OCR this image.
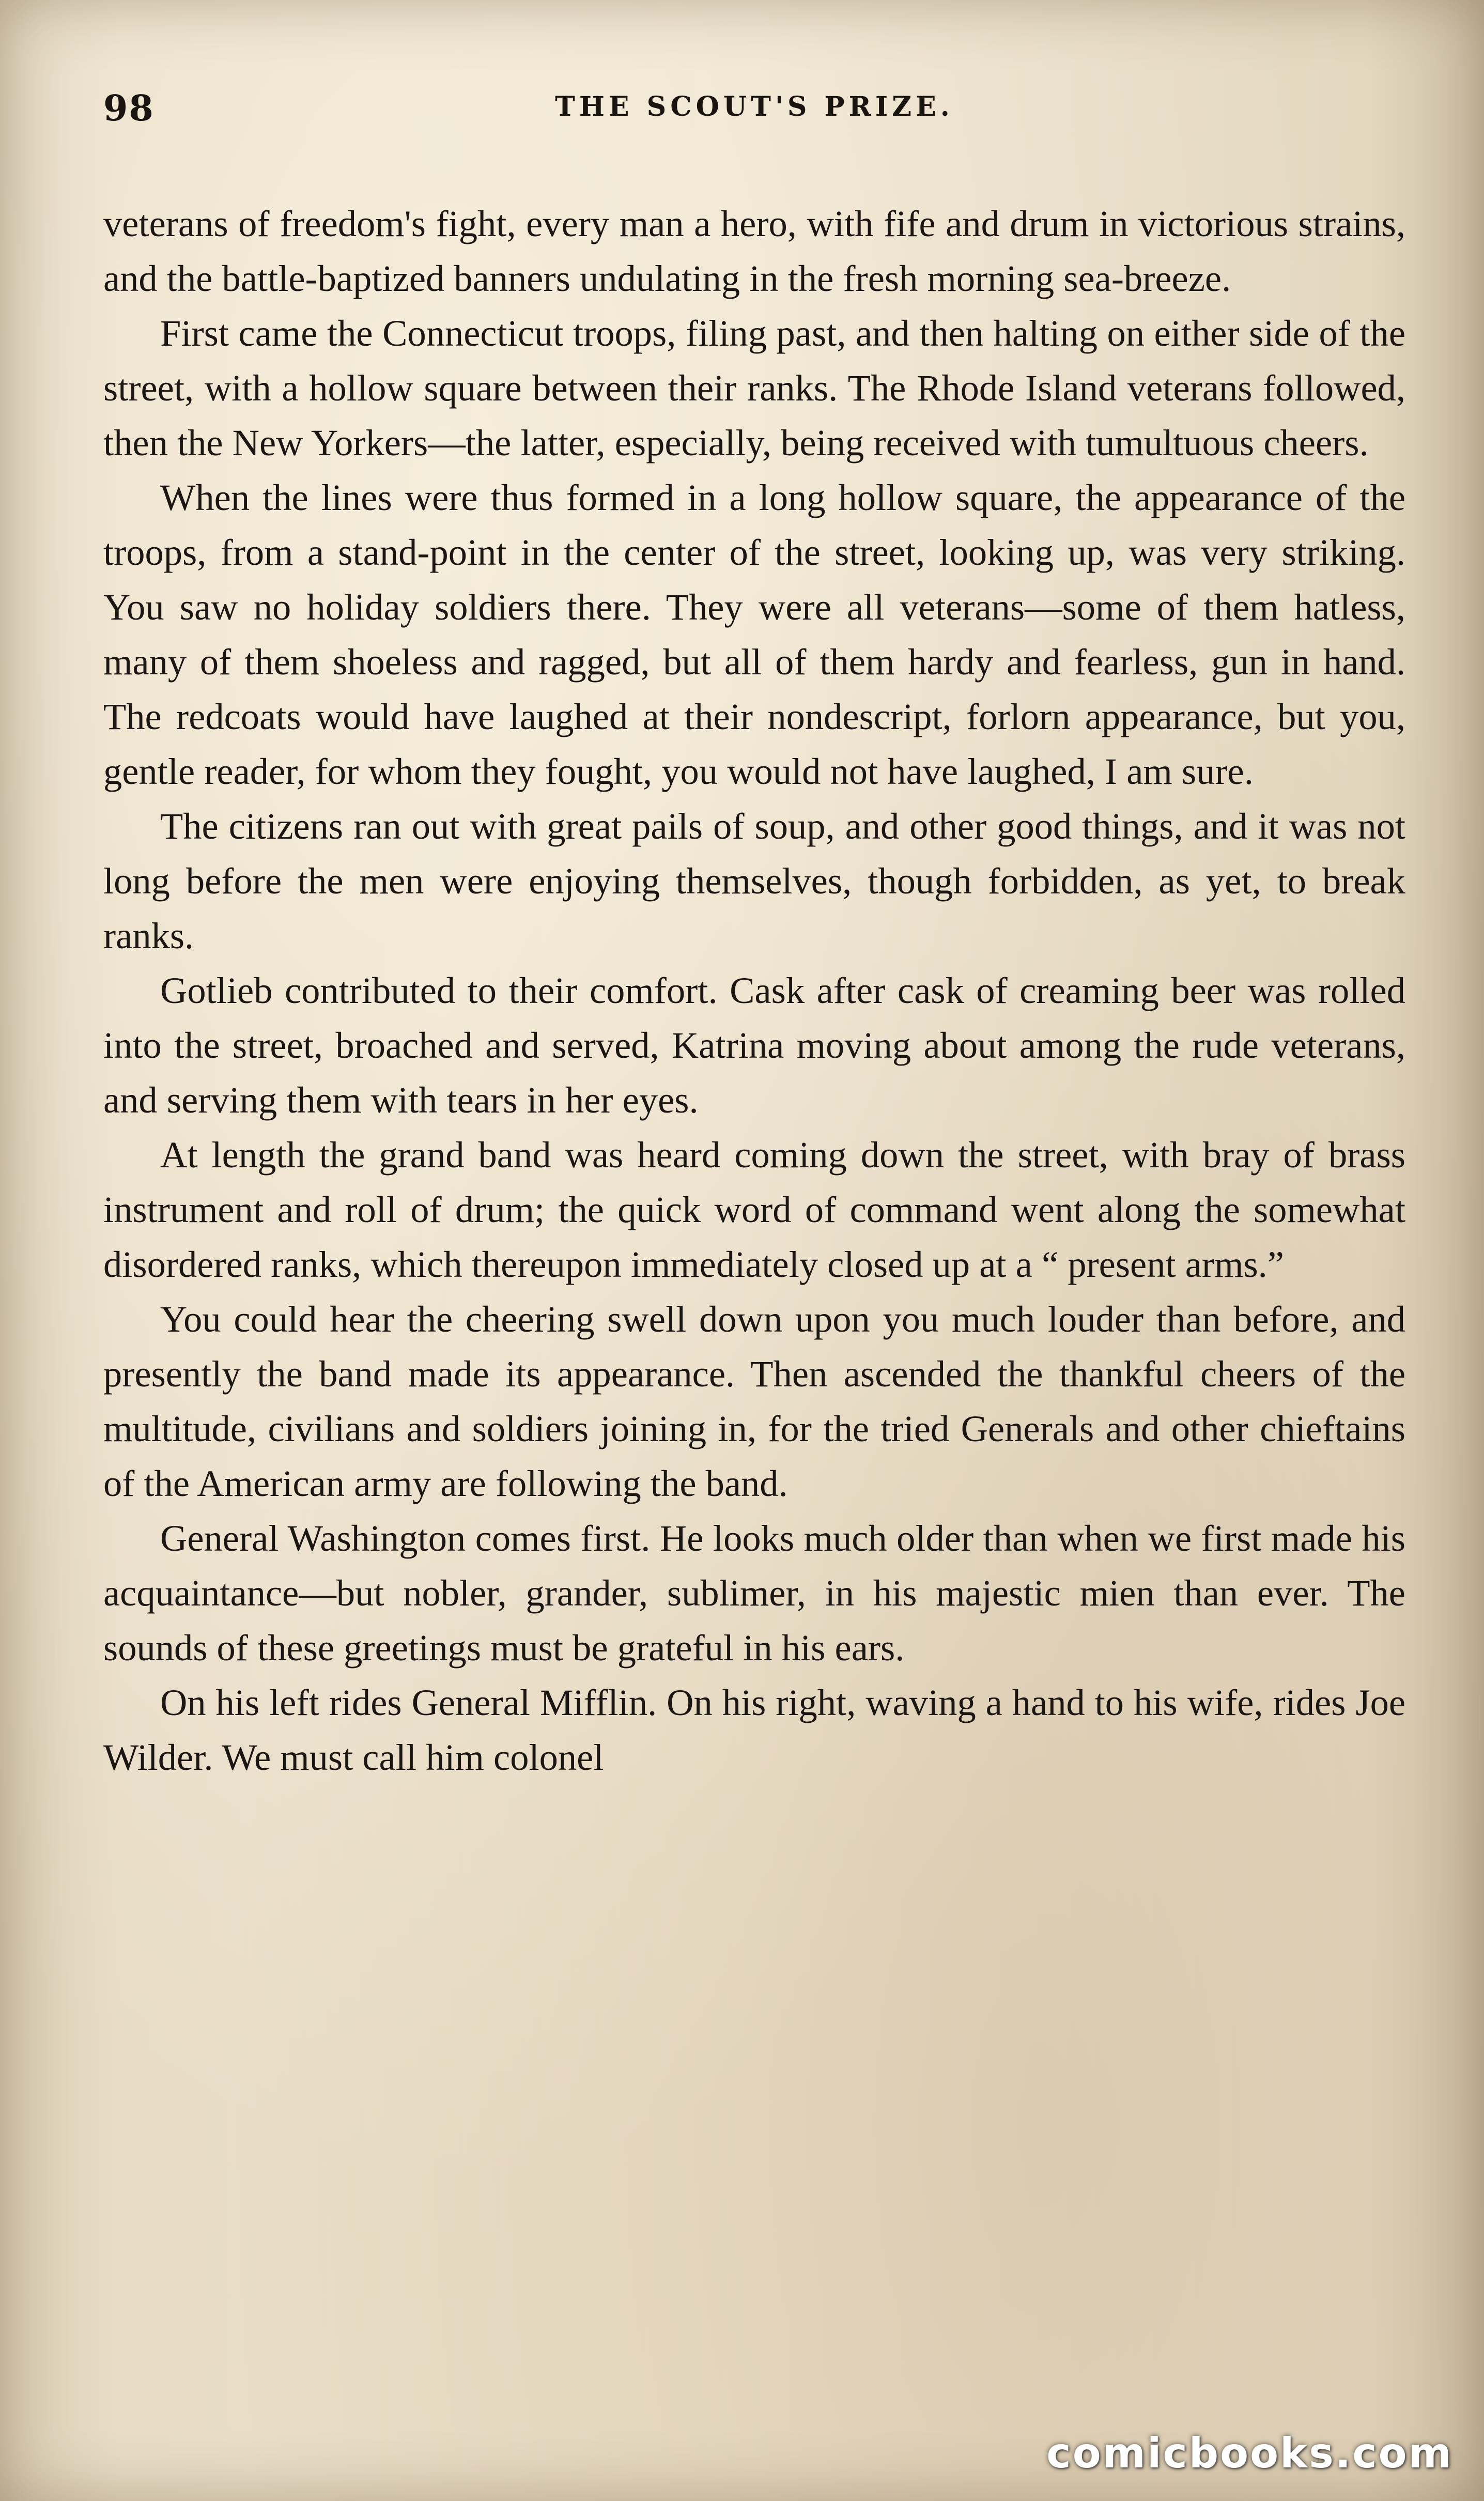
98	THE SCOUT'S PRIZE.

veterans of freedom's fight, every man a hero, with fife and drum in victorious strains, and the battle-baptized banners undulating in the fresh morning sea-breeze.

First came the Connecticut troops, filing past, and then halting on either side of the street, with a hollow square between their ranks. The Rhode Island veterans followed, then the New Yorkers—the latter, especially, being received with tumultuous cheers.

When the lines were thus formed in a long hollow square, the appearance of the troops, from a stand-point in the center of the street, looking up, was very striking. You saw no holiday soldiers there. They were all veterans—some of them hatless, many of them shoeless and ragged, but all of them hardy and fearless, gun in hand. The redcoats would have laughed at their nondescript, forlorn appearance, but you, gentle reader, for whom they fought, you would not have laughed, I am sure.

The citizens ran out with great pails of soup, and other good things, and it was not long before the men were enjoying themselves, though forbidden, as yet, to break ranks.

Gotlieb contributed to their comfort. Cask after cask of creaming beer was rolled into the street, broached and served, Katrina moving about among the rude veterans, and serving them with tears in her eyes.

At length the grand band was heard coming down the street, with bray of brass instrument and roll of drum; the quick word of command went along the somewhat disordered ranks, which thereupon immediately closed up at a “ present arms.”

You could hear the cheering swell down upon you much louder than before, and presently the band made its appearance. Then ascended the thankful cheers of the multitude, civilians and soldiers joining in, for the tried Generals and other chieftains of the American army are following the band.

General Washington comes first. He looks much older than when we first made his acquaintance—but nobler, grander, sublimer, in his majestic mien than ever. The sounds of these greetings must be grateful in his ears.

On his left rides General Mifflin. On his right, waving a hand to his wife, rides Joe Wilder. We must call him colonel

comicbooks.com
